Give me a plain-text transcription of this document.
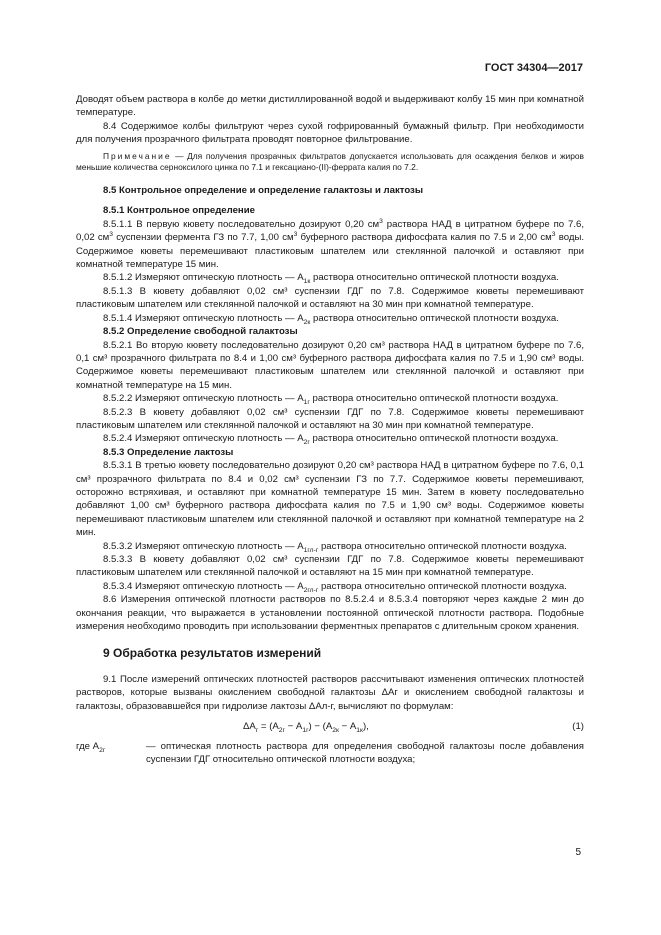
ГОСТ 34304—2017

Доводят объем раствора в колбе до метки дистиллированной водой и выдерживают колбу 15 мин при комнатной температуре.

8.4 Содержимое колбы фильтруют через сухой гофрированный бумажный фильтр. При необходимости для получения прозрачного фильтрата проводят повторное фильтрование.

Примечание — Для получения прозрачных фильтратов допускается использовать для осаждения белков и жиров меньшие количества серноксилого цинка по 7.1 и гексациано-(II)-феррата калия по 7.2.

8.5 Контрольное определение и определение галактозы и лактозы

8.5.1 Контрольное определение

8.5.1.1 В первую кювету последовательно дозируют 0,20 $см^3$ раствора НАД в цитратном буфере по 7.6, 0,02 $см^3$ суспензии фермента ГЗ по 7.7, 1,00 $см^3$ буферного раствора дифосфата калия по 7.5 и 2,00 $см^3$ воды. Содержимое кюветы перемешивают пластиковым шпателем или стеклянной палочкой и оставляют при комнатной температуре 15 мин.

8.5.1.2 Измеряют оптическую плотность — $А_{1к}$ раствора относительно оптической плотности воздуха.

8.5.1.3 В кювету добавляют 0,02 см³ суспензии ГДГ по 7.8. Содержимое кюветы перемешивают пластиковым шпателем или стеклянной палочкой и оставляют на 30 мин при комнатной температуре.

8.5.1.4 Измеряют оптическую плотность — $А_{2к}$ раствора относительно оптической плотности воздуха.

8.5.2 Определение свободной галактозы

8.5.2.1 Во вторую кювету последовательно дозируют 0,20 см³ раствора НАД в цитратном буфере по 7.6, 0,1 см³ прозрачного фильтрата по 8.4 и 1,00 см³ буферного раствора дифосфата калия по 7.5 и 1,90 см³ воды. Содержимое кюветы перемешивают пластиковым шпателем или стеклянной палочкой и оставляют при комнатной температуре на 15 мин.

8.5.2.2 Измеряют оптическую плотность — $А_{1г}$ раствора относительно оптической плотности воздуха.

8.5.2.3 В кювету добавляют 0,02 см³ суспензии ГДГ по 7.8. Содержимое кюветы перемешивают пластиковым шпателем или стеклянной палочкой и оставляют на 30 мин при комнатной температуре.

8.5.2.4 Измеряют оптическую плотность — $А_{2г}$ раствора относительно оптической плотности воздуха.

8.5.3 Определение лактозы

8.5.3.1 В третью кювету последовательно дозируют 0,20 см³ раствора НАД в цитратном буфере по 7.6, 0,1 см³ прозрачного фильтрата по 8.4 и 0,02 см³ суспензии ГЗ по 7.7. Содержимое кюветы перемешивают, осторожно встряхивая, и оставляют при комнатной температуре 15 мин. Затем в кювету последовательно добавляют 1,00 см³ буферного раствора дифосфата калия по 7.5 и 1,90 см³ воды. Содержимое кюветы перемешивают пластиковым шпателем или стеклянной палочкой и оставляют при комнатной температуре на 2 мин.

8.5.3.2 Измеряют оптическую плотность — $А_{1гл-г}$ раствора относительно оптической плотности воздуха.

8.5.3.3 В кювету добавляют 0,02 см³ суспензии ГДГ по 7.8. Содержимое кюветы перемешивают пластиковым шпателем или стеклянной палочкой и оставляют на 15 мин при комнатной температуре.

8.5.3.4 Измеряют оптическую плотность — $А_{2гл-г}$ раствора относительно оптической плотности воздуха.

8.6 Измерения оптической плотности растворов по 8.5.2.4 и 8.5.3.4 повторяют через каждые 2 мин до окончания реакции, что выражается в установлении постоянной оптической плотности раствора. Подобные измерения необходимо проводить при использовании ферментных препаратов с длительным сроком хранения.

9 Обработка результатов измерений

9.1 После измерений оптических плотностей растворов рассчитывают изменения оптических плотностей растворов, которые вызваны окислением свободной галактозы ΔАг и окислением свободной галактозы и галактозы, образовавшейся при гидролизе лактозы ΔАл-г, вычисляют по формулам:

$\Delta А_г = (А_{2г} - А_{1г}) - (А_{2к} - А_{1к})$,	(1)
где $А_{2г}$	— оптическая плотность раствора для определения свободной галактозы после добавления суспензии ГДГ относительно оптической плотности воздуха;
5
